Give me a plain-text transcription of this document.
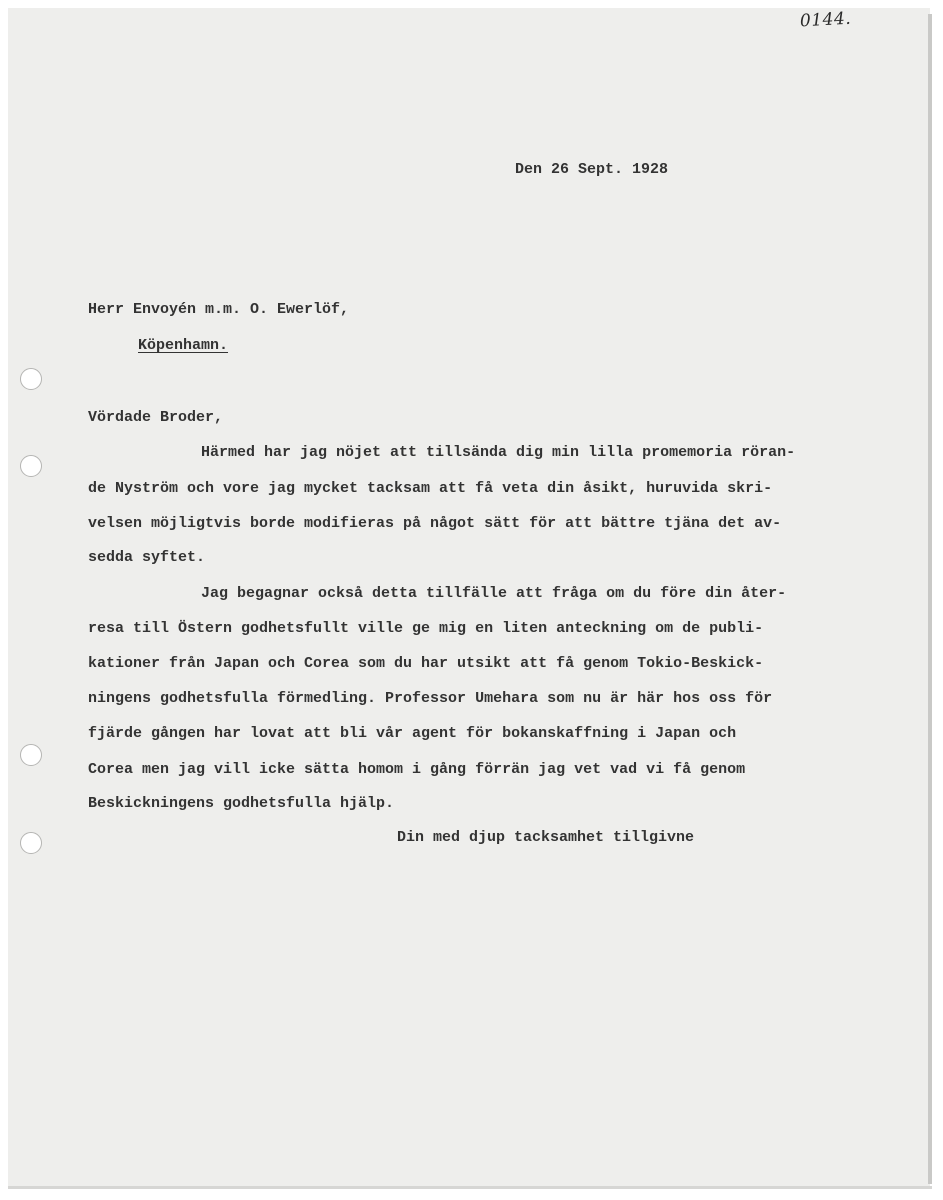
0144.
Den 26 Sept. 1928
Herr Envoyén m.m. O. Ewerlöf,
Köpenhamn.
Vördade Broder,
Härmed har jag nöjet att tillsända dig min lilla promemoria röran-
de Nyström och vore jag mycket tacksam att få veta din åsikt, huruvida skri-
velsen möjligtvis borde modifieras på något sätt för att bättre tjäna det av-
sedda syftet.
Jag begagnar också detta tillfälle att fråga om du före din åter-
resa till Östern godhetsfullt ville ge mig en liten anteckning om de publi-
kationer från Japan och Corea som du har utsikt att få genom Tokio-Beskick-
ningens godhetsfulla förmedling. Professor Umehara som nu är här hos oss för
fjärde gången har lovat att bli vår agent för bokanskaffning i Japan och
Corea men jag vill icke sätta homom i gång förrän jag vet vad vi få genom
Beskickningens godhetsfulla hjälp.
Din med djup tacksamhet tillgivne
